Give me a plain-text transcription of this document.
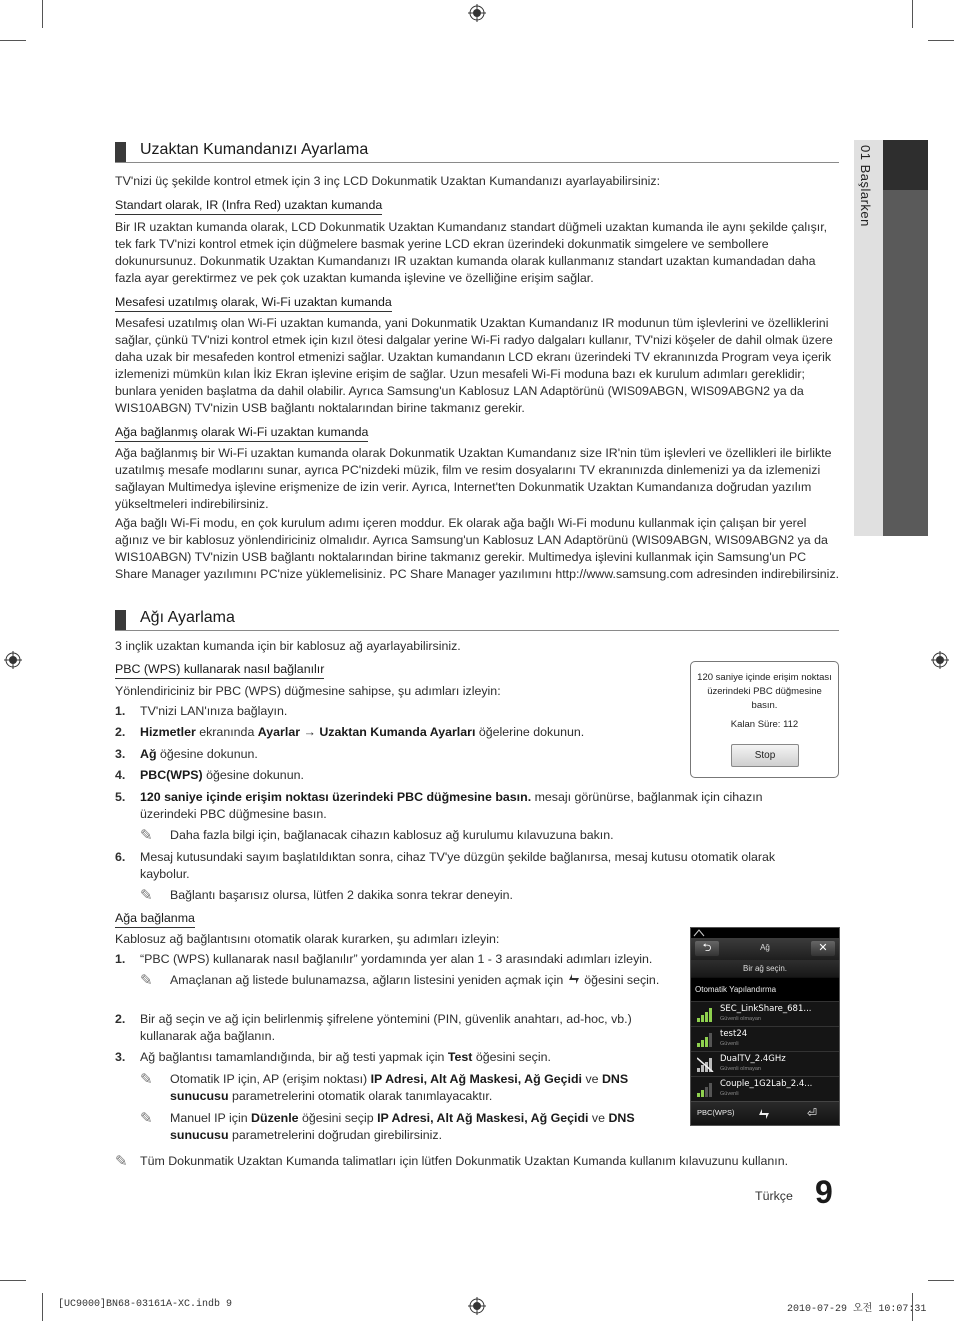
01 Başlarken
Uzaktan Kumandanızı Ayarlama

TV'nizi üç şekilde kontrol etmek için 3 inç LCD Dokunmatik Uzaktan Kumandanızı ayarlayabilirsiniz:

Standart olarak, IR (Infra Red) uzaktan kumanda

Bir IR uzaktan kumanda olarak, LCD Dokunmatik Uzaktan Kumandanız standart düğmeli uzaktan kumanda ile aynı şekilde çalışır, tek fark TV'nizi kontrol etmek için düğmelere basmak yerine LCD ekran üzerindeki dokunmatik simgelere ve sembollere dokunursunuz. Dokunmatik Uzaktan Kumandanızı IR uzaktan kumanda olarak kullanmanız standart uzaktan kumandadan daha fazla ayar gerektirmez ve pek çok uzaktan kumanda işlevine ve özelliğine erişim sağlar.

Mesafesi uzatılmış olarak, Wi-Fi uzaktan kumanda

Mesafesi uzatılmış olan Wi-Fi uzaktan kumanda, yani Dokunmatik Uzaktan Kumandanız IR modunun tüm işlevlerini ve özelliklerini sağlar, çünkü TV'nizi kontrol etmek için kızıl ötesi dalgalar yerine Wi-Fi radyo dalgaları kullanır, TV'nizi köşeler de dahil olmak üzere daha uzak bir mesafeden kontrol etmenizi sağlar. Uzaktan kumandanın LCD ekranı üzerindeki TV ekranınızda Program veya içerik izlemenizi mümkün kılan İkiz Ekran işlevine erişim de sağlar. Uzun mesafeli Wi-Fi moduna bazı ek kurulum adımları gereklidir; bunlara yeniden başlatma da dahil olabilir. Ayrıca Samsung'un Kablosuz LAN Adaptörünü (WIS09ABGN, WIS09ABGN2 ya da WIS10ABGN) TV'nizin USB bağlantı noktalarından birine takmanız gerekir.

Ağa bağlanmış olarak Wi-Fi uzaktan kumanda

Ağa bağlanmış bir Wi-Fi uzaktan kumanda olarak Dokunmatik Uzaktan Kumandanız size IR'nin tüm işlevleri ve özellikleri ile birlikte uzatılmış mesafe modlarını sunar, ayrıca PC'nizdeki müzik, film ve resim dosyalarını TV ekranınızda dinlemenizi ya da izlemenizi sağlayan Multimedya işlevine erişmenize de izin verir. Ayrıca, Internet'ten Dokunmatik Uzaktan Kumandanıza doğrudan yazılım yükseltmeleri indirebilirsiniz.

Ağa bağlı Wi-Fi modu, en çok kurulum adımı içeren moddur. Ek olarak ağa bağlı Wi-Fi modunu kullanmak için çalışan bir yerel ağınız ve bir kablosuz yönlendiriciniz olmalıdır. Ayrıca Samsung'un Kablosuz LAN Adaptörünü (WIS09ABGN, WIS09ABGN2 ya da WIS10ABGN) TV'nizin USB bağlantı noktalarından birine takmanız gerekir. Multimedya işlevini kullanmak için Samsung'un PC Share Manager yazılımını PC'nize yüklemelisiniz. PC Share Manager yazılımını http://www.samsung.com adresinden indirebilirsiniz.

Ağı Ayarlama

3 inçlik uzaktan kumanda için bir kablosuz ağ ayarlayabilirsiniz.

PBC (WPS) kullanarak nasıl bağlanılır

Yönlendiriciniz bir PBC (WPS) düğmesine sahipse, şu adımları izleyin:

1.	TV'nizi LAN'ınıza bağlayın.
2.	Hizmetler ekranında Ayarlar → Uzaktan Kumanda Ayarları öğelerine dokunun.
3.	Ağ öğesine dokunun.
4.	PBC(WPS) öğesine dokunun.
5.	120 saniye içinde erişim noktası üzerindeki PBC düğmesine basın. mesajı görünürse, bağlanmak için cihazın üzerindeki PBC düğmesine basın.
✎ Daha fazla bilgi için, bağlanacak cihazın kablosuz ağ kurulumu kılavuzuna bakın.
6.	Mesaj kutusundaki sayım başlatıldıktan sonra, cihaz TV'ye düzgün şekilde bağlanırsa, mesaj kutusu otomatik olarak kaybolur.
✎ Bağlantı başarısız olursa, lütfen 2 dakika sonra tekrar deneyin.
120 saniye içinde erişim noktası üzerindeki PBC düğmesine basın.
Kalan Süre: 112
Stop
Ağa bağlanma

Kablosuz ağ bağlantısını otomatik olarak kurarken, şu adımları izleyin:

1.	“PBC (WPS) kullanarak nasıl bağlanılır” yordamında yer alan 1 - 3 arasındaki adımları izleyin.
✎ Amaçlanan ağ listede bulunamazsa, ağların listesini yeniden açmak için öğesini seçin.
2.	Bir ağ seçin ve ağ için belirlenmiş şifrelene yöntemini (PIN, güvenlik anahtarı, ad-hoc, vb.) kullanarak ağa bağlanın.
3.	Ağ bağlantısı tamamlandığında, bir ağ testi yapmak için Test öğesini seçin.
✎ Otomatik IP için, AP (erişim noktası) IP Adresi, Alt Ağ Maskesi, Ağ Geçidi ve DNS sunucusu parametrelerini otomatik olarak tanımlayacaktır.
✎ Manuel IP için Düzenle öğesini seçip IP Adresi, Alt Ağ Maskesi, Ağ Geçidi ve DNS sunucusu parametrelerini doğrudan girebilirsiniz.
✎ Tüm Dokunmatik Uzaktan Kumanda talimatları için lütfen Dokunmatik Uzaktan Kumanda kullanım kılavuzunu kullanın.
⮌	Ağ	✕
Bir ağ seçin.
Otomatik Yapılandırma
SEC_LinkShare_681...
Güvenli olmayan
test24
Güvenli
DualTV_2.4GHz
Güvenli olmayan
Couple_1G2Lab_2.4...
Güvenli
PBC(WPS)	⏎
Türkçe 9
[UC9000]BN68-03161A-XC.indb 9	2010-07-29 오전 10:07:31
